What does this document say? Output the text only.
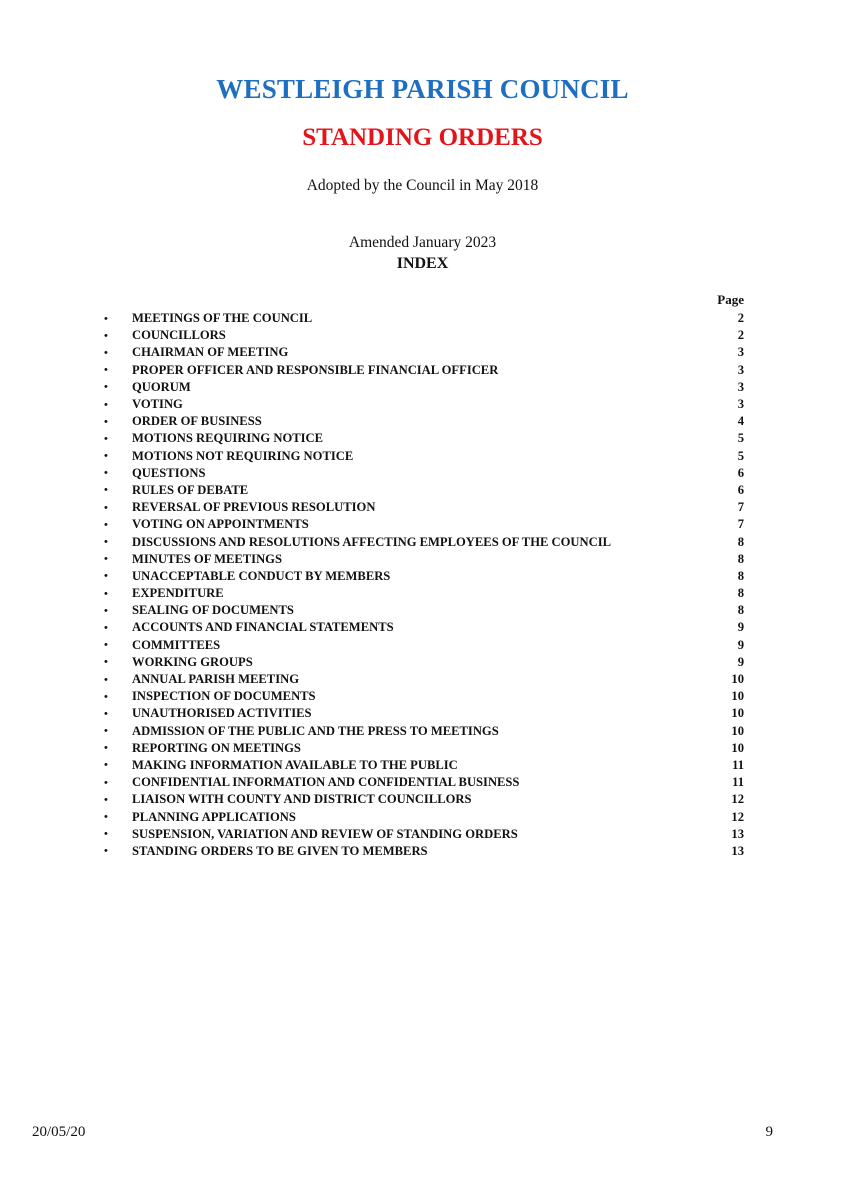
WESTLEIGH PARISH COUNCIL
STANDING ORDERS
Adopted by the Council in May 2018
Amended January 2023
INDEX
Page
•	MEETINGS OF THE COUNCIL	2
•	COUNCILLORS	2
•	CHAIRMAN OF MEETING	3
•	PROPER OFFICER AND RESPONSIBLE FINANCIAL OFFICER	3
•	QUORUM	3
•	VOTING	3
•	ORDER OF BUSINESS	4
•	MOTIONS REQUIRING NOTICE	5
•	MOTIONS NOT REQUIRING NOTICE	5
•	QUESTIONS	6
•	RULES OF DEBATE	6
•	REVERSAL OF PREVIOUS RESOLUTION	7
•	VOTING ON APPOINTMENTS	7
•	DISCUSSIONS AND RESOLUTIONS AFFECTING EMPLOYEES OF THE COUNCIL	8
•	MINUTES OF MEETINGS	8
•	UNACCEPTABLE CONDUCT BY MEMBERS	8
•	EXPENDITURE	8
•	SEALING OF DOCUMENTS	8
•	ACCOUNTS AND FINANCIAL STATEMENTS	9
•	COMMITTEES	9
•	WORKING GROUPS	9
•	ANNUAL PARISH MEETING	10
•	INSPECTION OF DOCUMENTS	10
•	UNAUTHORISED ACTIVITIES	10
•	ADMISSION OF THE PUBLIC AND THE PRESS TO MEETINGS	10
•	REPORTING ON MEETINGS	10
•	MAKING INFORMATION AVAILABLE TO THE PUBLIC	11
•	CONFIDENTIAL INFORMATION AND CONFIDENTIAL BUSINESS	11
•	LIAISON WITH COUNTY AND DISTRICT COUNCILLORS	12
•	PLANNING APPLICATIONS	12
•	SUSPENSION, VARIATION AND REVIEW OF STANDING ORDERS	13
•	STANDING ORDERS TO BE GIVEN TO MEMBERS	13
20/05/20	9
